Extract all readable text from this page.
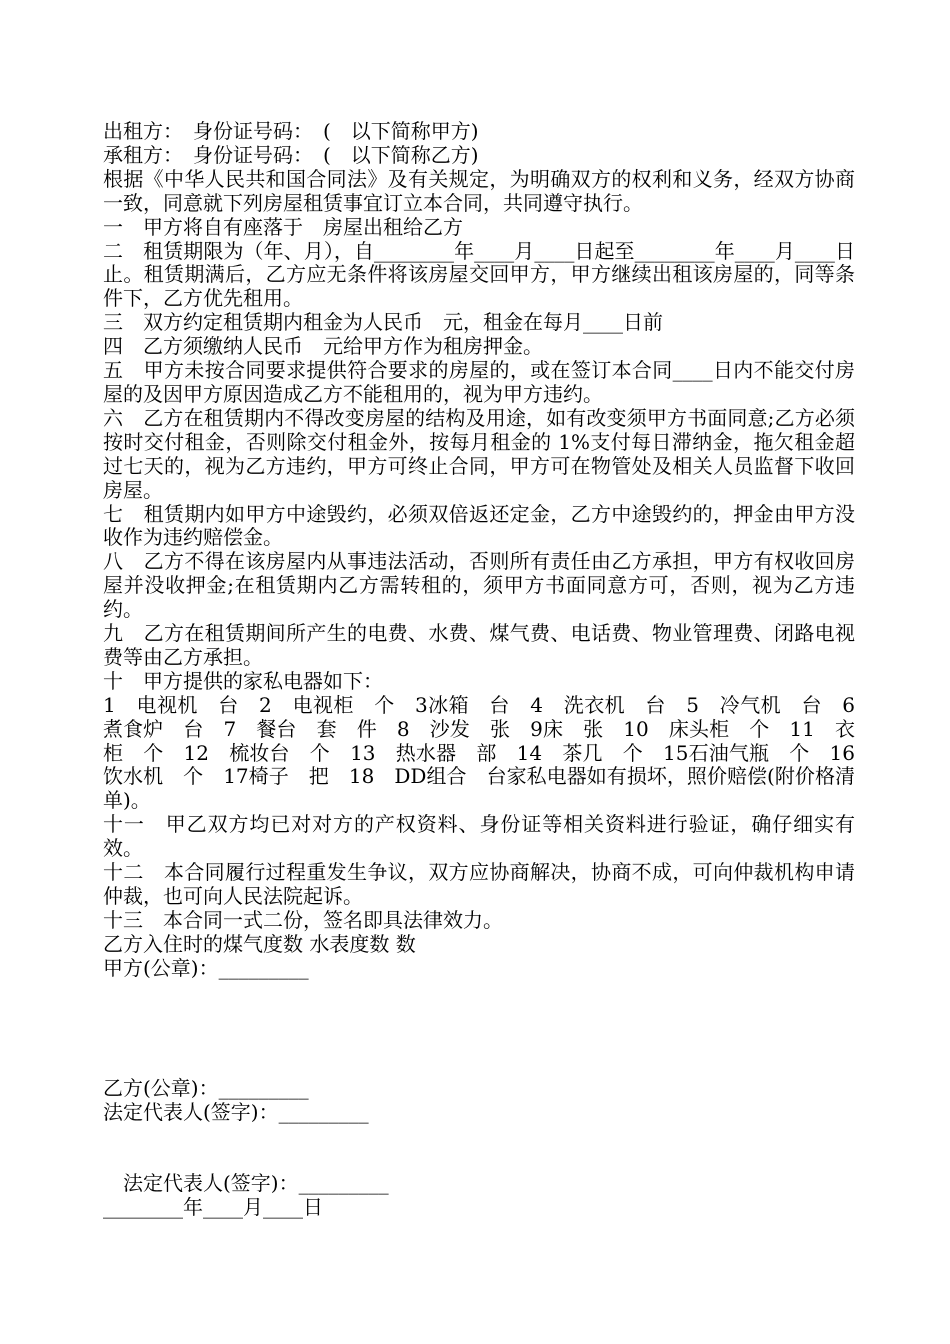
出租方：　身份证号码：　(　以下简称甲方)
承租方：　身份证号码：　(　以下简称乙方)
根据《中华人民共和国合同法》及有关规定，为明确双方的权利和义务，经双方协商一致，同意就下列房屋租赁事宜订立本合同，共同遵守执行。
一　甲方将自有座落于　房屋出租给乙方
二　租赁期限为（年、月），自________年____月____日起至________年____月____日止。租赁期满后，乙方应无条件将该房屋交回甲方，甲方继续出租该房屋的，同等条件下，乙方优先租用。
三　双方约定租赁期内租金为人民币　元，租金在每月____日前
四　乙方须缴纳人民币　元给甲方作为租房押金。
五　甲方未按合同要求提供符合要求的房屋的，或在签订本合同____日内不能交付房屋的及因甲方原因造成乙方不能租用的，视为甲方违约。
六　乙方在租赁期内不得改变房屋的结构及用途，如有改变须甲方书面同意;乙方必须按时交付租金，否则除交付租金外，按每月租金的 1%支付每日滞纳金，拖欠租金超过七天的，视为乙方违约，甲方可终止合同，甲方可在物管处及相关人员监督下收回房屋。
七　租赁期内如甲方中途毁约，必须双倍返还定金，乙方中途毁约的，押金由甲方没收作为违约赔偿金。
八　乙方不得在该房屋内从事违法活动，否则所有责任由乙方承担，甲方有权收回房屋并没收押金;在租赁期内乙方需转租的，须甲方书面同意方可，否则，视为乙方违约。
九　乙方在租赁期间所产生的电费、水费、煤气费、电话费、物业管理费、闭路电视费等由乙方承担。
十　甲方提供的家私电器如下：
1　电视机　台　2　电视柜　个　3冰箱　台　4　洗衣机　台　5　冷气机　台　6　煮食炉　台　7　餐台　套　件　8　沙发　张　9床　张　10　床头柜　个　11　衣柜　个　12　梳妆台　个　13　热水器　部　14　茶几　个　15石油气瓶　个　16饮水机　个　17椅子　把　18　DD组合　台家私电器如有损坏，照价赔偿(附价格清单)。
十一　甲乙双方均已对对方的产权资料、身份证等相关资料进行验证，确仔细实有效。
十二　本合同履行过程重发生争议，双方应协商解决，协商不成，可向仲裁机构申请仲裁，也可向人民法院起诉。
十三　本合同一式二份，签名即具法律效力。
乙方入住时的煤气度数 水表度数 数
甲方(公章)：_________
乙方(公章)：_________
法定代表人(签字)：_________
法定代表人(签字)：_________
________年____月____日
